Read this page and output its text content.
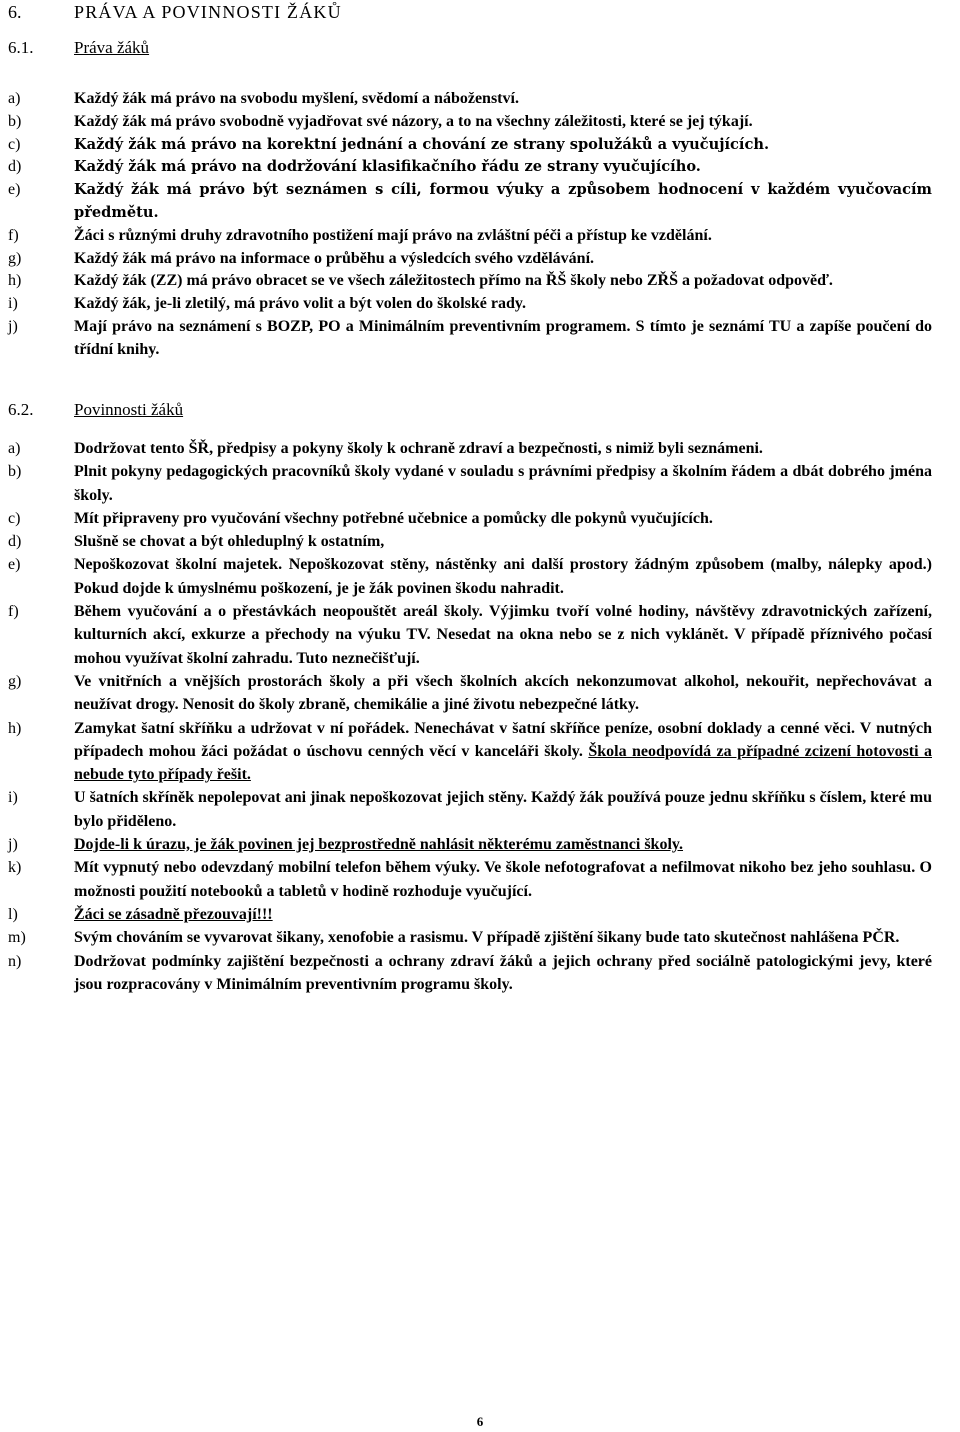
6.	PRÁVA A POVINNOSTI ŽÁKŮ
6.1.	Práva žáků
a)	Každý žák má právo na svobodu myšlení, svědomí a náboženství.
b)	Každý žák má právo svobodně vyjadřovat své názory, a to na všechny záležitosti, které se jej týkají.
c)	Každý žák má právo na korektní jednání a chování ze strany spolužáků a vyučujících.
d)	Každý žák má právo na dodržování klasifikačního řádu ze strany vyučujícího.
e)	Každý žák má právo být seznámen s cíli, formou výuky a způsobem hodnocení v každém vyučovacím předmětu.
f)	Žáci s různými druhy zdravotního postižení mají právo na zvláštní péči a přístup ke vzdělání.
g)	Každý žák má právo na informace o průběhu a výsledcích svého vzdělávání.
h)	Každý žák (ZZ) má právo obracet se ve všech záležitostech přímo na ŘŠ školy nebo ZŘŠ a požadovat odpověď.
i)	Každý žák, je-li zletilý, má právo volit a být volen do školské rady.
j)	Mají právo na seznámení s BOZP, PO a Minimálním preventivním programem. S tímto je seznámí TU a zapíše poučení do třídní knihy.
6.2.	Povinnosti žáků
a)	Dodržovat tento ŠŘ, předpisy a pokyny školy k ochraně zdraví a bezpečnosti, s nimiž byli seznámeni.
b)	Plnit pokyny pedagogických pracovníků školy vydané v souladu s právními předpisy a školním řádem a dbát dobrého jména školy.
c)	Mít připraveny pro vyučování všechny potřebné učebnice a pomůcky dle pokynů vyučujících.
d)	Slušně se chovat a být ohleduplný k ostatním,
e)	Nepoškozovat školní majetek. Nepoškozovat stěny, nástěnky ani další prostory žádným způsobem (malby, nálepky apod.) Pokud dojde k úmyslnému poškození, je je žák povinen škodu nahradit.
f)	Během vyučování a o přestávkách neopouštět areál školy. Výjimku tvoří volné hodiny, návštěvy zdravotnických zařízení, kulturních akcí, exkurze a přechody na výuku TV. Nesedat na okna nebo se z nich vyklánět. V případě příznivého počasí mohou využívat školní zahradu. Tuto neznečišťují.
g)	Ve vnitřních a vnějších prostorách školy a při všech školních akcích nekonzumovat alkohol, nekouřit, nepřechovávat a neužívat drogy. Nenosit do školy zbraně, chemikálie a jiné životu nebezpečné látky.
h)	Zamykat šatní skříňku a udržovat v ní pořádek. Nenechávat v šatní skříňce peníze, osobní doklady a cenné věci. V nutných případech mohou žáci požádat o úschovu cenných věcí v kanceláři školy. Škola neodpovídá za případné zcizení hotovosti a nebude tyto případy řešit.
i)	U šatních skříněk nepolepovat ani jinak nepoškozovat jejich stěny. Každý žák používá pouze jednu skříňku s číslem, které mu bylo přiděleno.
j)	Dojde-li k úrazu, je žák povinen jej bezprostředně nahlásit některému zaměstnanci školy.
k)	Mít vypnutý nebo odevzdaný mobilní telefon během výuky. Ve škole nefotografovat a nefilmovat nikoho bez jeho souhlasu. O možnosti použití notebooků a tabletů v hodině rozhoduje vyučující.
l)	Žáci se zásadně přezouvají!!!
m)	Svým chováním se vyvarovat šikany, xenofobie a rasismu. V případě zjištění šikany bude tato skutečnost nahlášena PČR.
n)	Dodržovat podmínky zajištění bezpečnosti a ochrany zdraví žáků a jejich ochrany před sociálně patologickými jevy, které jsou rozpracovány v Minimálním preventivním programu školy.
6
